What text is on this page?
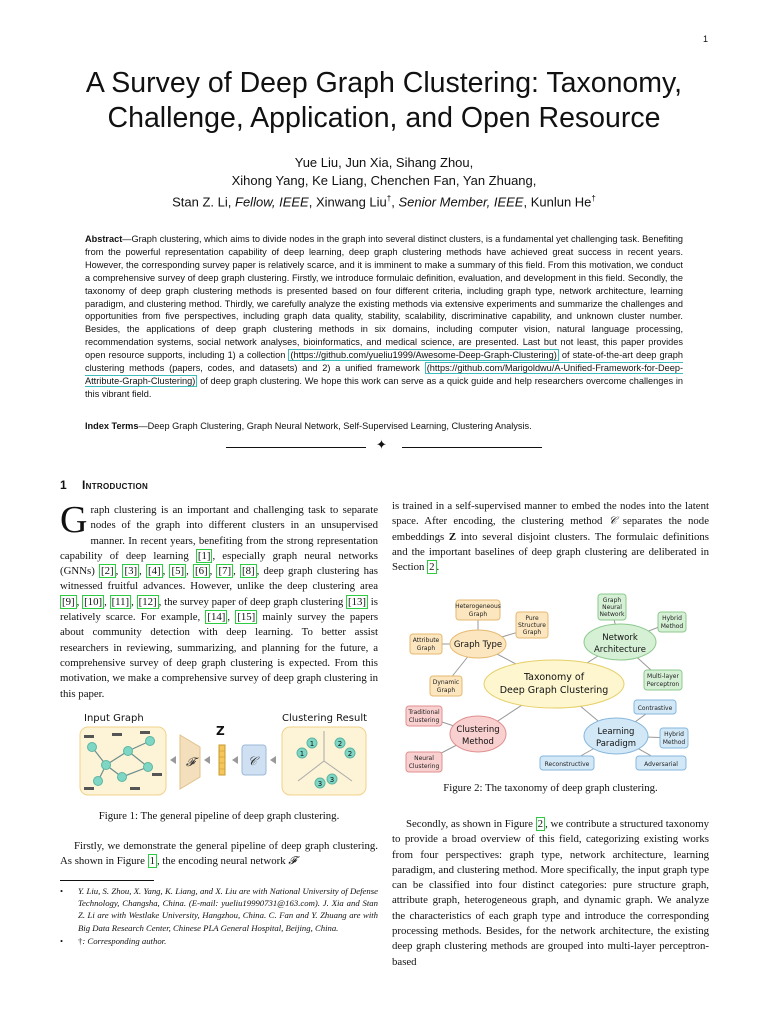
1
A Survey of Deep Graph Clustering: Taxonomy,
Challenge, Application, and Open Resource
Yue Liu, Jun Xia, Sihang Zhou,
Xihong Yang, Ke Liang, Chenchen Fan, Yan Zhuang,
Stan Z. Li, Fellow, IEEE, Xinwang Liu†, Senior Member, IEEE, Kunlun He†
Abstract—Graph clustering, which aims to divide nodes in the graph into several distinct clusters, is a fundamental yet challenging task. Benefiting from the powerful representation capability of deep learning, deep graph clustering methods have achieved great success in recent years. However, the corresponding survey paper is relatively scarce, and it is imminent to make a summary of this field. From this motivation, we conduct a comprehensive survey of deep graph clustering. Firstly, we introduce formulaic definition, evaluation, and development in this field. Secondly, the taxonomy of deep graph clustering methods is presented based on four different criteria, including graph type, network architecture, learning paradigm, and clustering method. Thirdly, we carefully analyze the existing methods via extensive experiments and summarize the challenges and opportunities from five perspectives, including graph data quality, stability, scalability, discriminative capability, and unknown cluster number. Besides, the applications of deep graph clustering methods in six domains, including computer vision, natural language processing, recommendation systems, social network analyses, bioinformatics, and medical science, are presented. Last but not least, this paper provides open resource supports, including 1) a collection (https://github.com/yueliu1999/Awesome-Deep-Graph-Clustering) of state-of-the-art deep graph clustering methods (papers, codes, and datasets) and 2) a unified framework (https://github.com/Marigoldwu/A-Unified-Framework-for-Deep-Attribute-Graph-Clustering) of deep graph clustering. We hope this work can serve as a quick guide and help researchers overcome challenges in this vibrant field.
Index Terms—Deep Graph Clustering, Graph Neural Network, Self-Supervised Learning, Clustering Analysis.
✦
1 Introduction
Graph clustering is an important and challenging task to separate nodes of the graph into different clusters in an unsupervised manner. In recent years, benefiting from the strong representation capability of deep learning [1] , especially graph neural networks (GNNs) [2] , [3] , [4] , [5] , [6] , [7] , [8] , deep graph clustering has witnessed fruitful advances. However, unlike the deep clustering area [9] , [10] , [11] , [12] , the survey paper of deep graph clustering [13] is relatively scarce. For example, [14] , [15] mainly survey the papers about community detection with deep learning. To better assist researchers in reviewing, summarizing, and planning for the future, a comprehensive survey of deep graph clustering is expected. From this motivation, we make a comprehensive survey of deep graph clustering in this paper.
Input Graph
𝓕
Z
𝒞
Clustering Result
1
1
2
2
3 3
Figure 1: The general pipeline of deep graph clustering.
Firstly, we demonstrate the general pipeline of deep graph clustering. As shown in Figure 1 , the encoding neural network 𝓕
• Y. Liu, S. Zhou, X. Yang, K. Liang, and X. Liu are with National University of Defense Technology, Changsha, China. (E-mail: yueliu19990731@163.com). J. Xia and Stan Z. Li are with Westlake University, Hangzhou, China. C. Fan and Y. Zhuang are with Big Data Research Center, Chinese PLA General Hospital, Beijing, China.
• †: Corresponding author.
is trained in a self-supervised manner to embed the nodes into the latent space. After encoding, the clustering method 𝒞 separates the node embeddings Z into several disjoint clusters. The formulaic definitions and the important baselines of deep graph clustering are deliberated in Section 2 .
Taxonomy of
Deep Graph Clustering
Graph Type
Network
Architecture
Clustering
Method
Learning
Paradigm
Heterogeneous
Graph
Pure
Structure
Graph
Attribute
Graph
Dynamic
Graph
Graph
Neural
Network
Hybrid
Method
Multi-layer
Perceptron
Traditional
Clustering
Neural
Clustering
Contrastive
Hybrid
Method
Reconstructive	Adversarial
Figure 2: The taxonomy of deep graph clustering.
Secondly, as shown in Figure 2 , we contribute a structured taxonomy to provide a broad overview of this field, categorizing existing works from four perspectives: graph type, network architecture, learning paradigm, and clustering method. More specifically, the input graph type can be classified into four distinct categories: pure structure graph, attribute graph, heterogeneous graph, and dynamic graph. We analyze the characteristics of each graph type and introduce the corresponding processing methods. Besides, for the network architecture, the existing deep graph clustering methods are grouped into multi-layer perceptron-based
